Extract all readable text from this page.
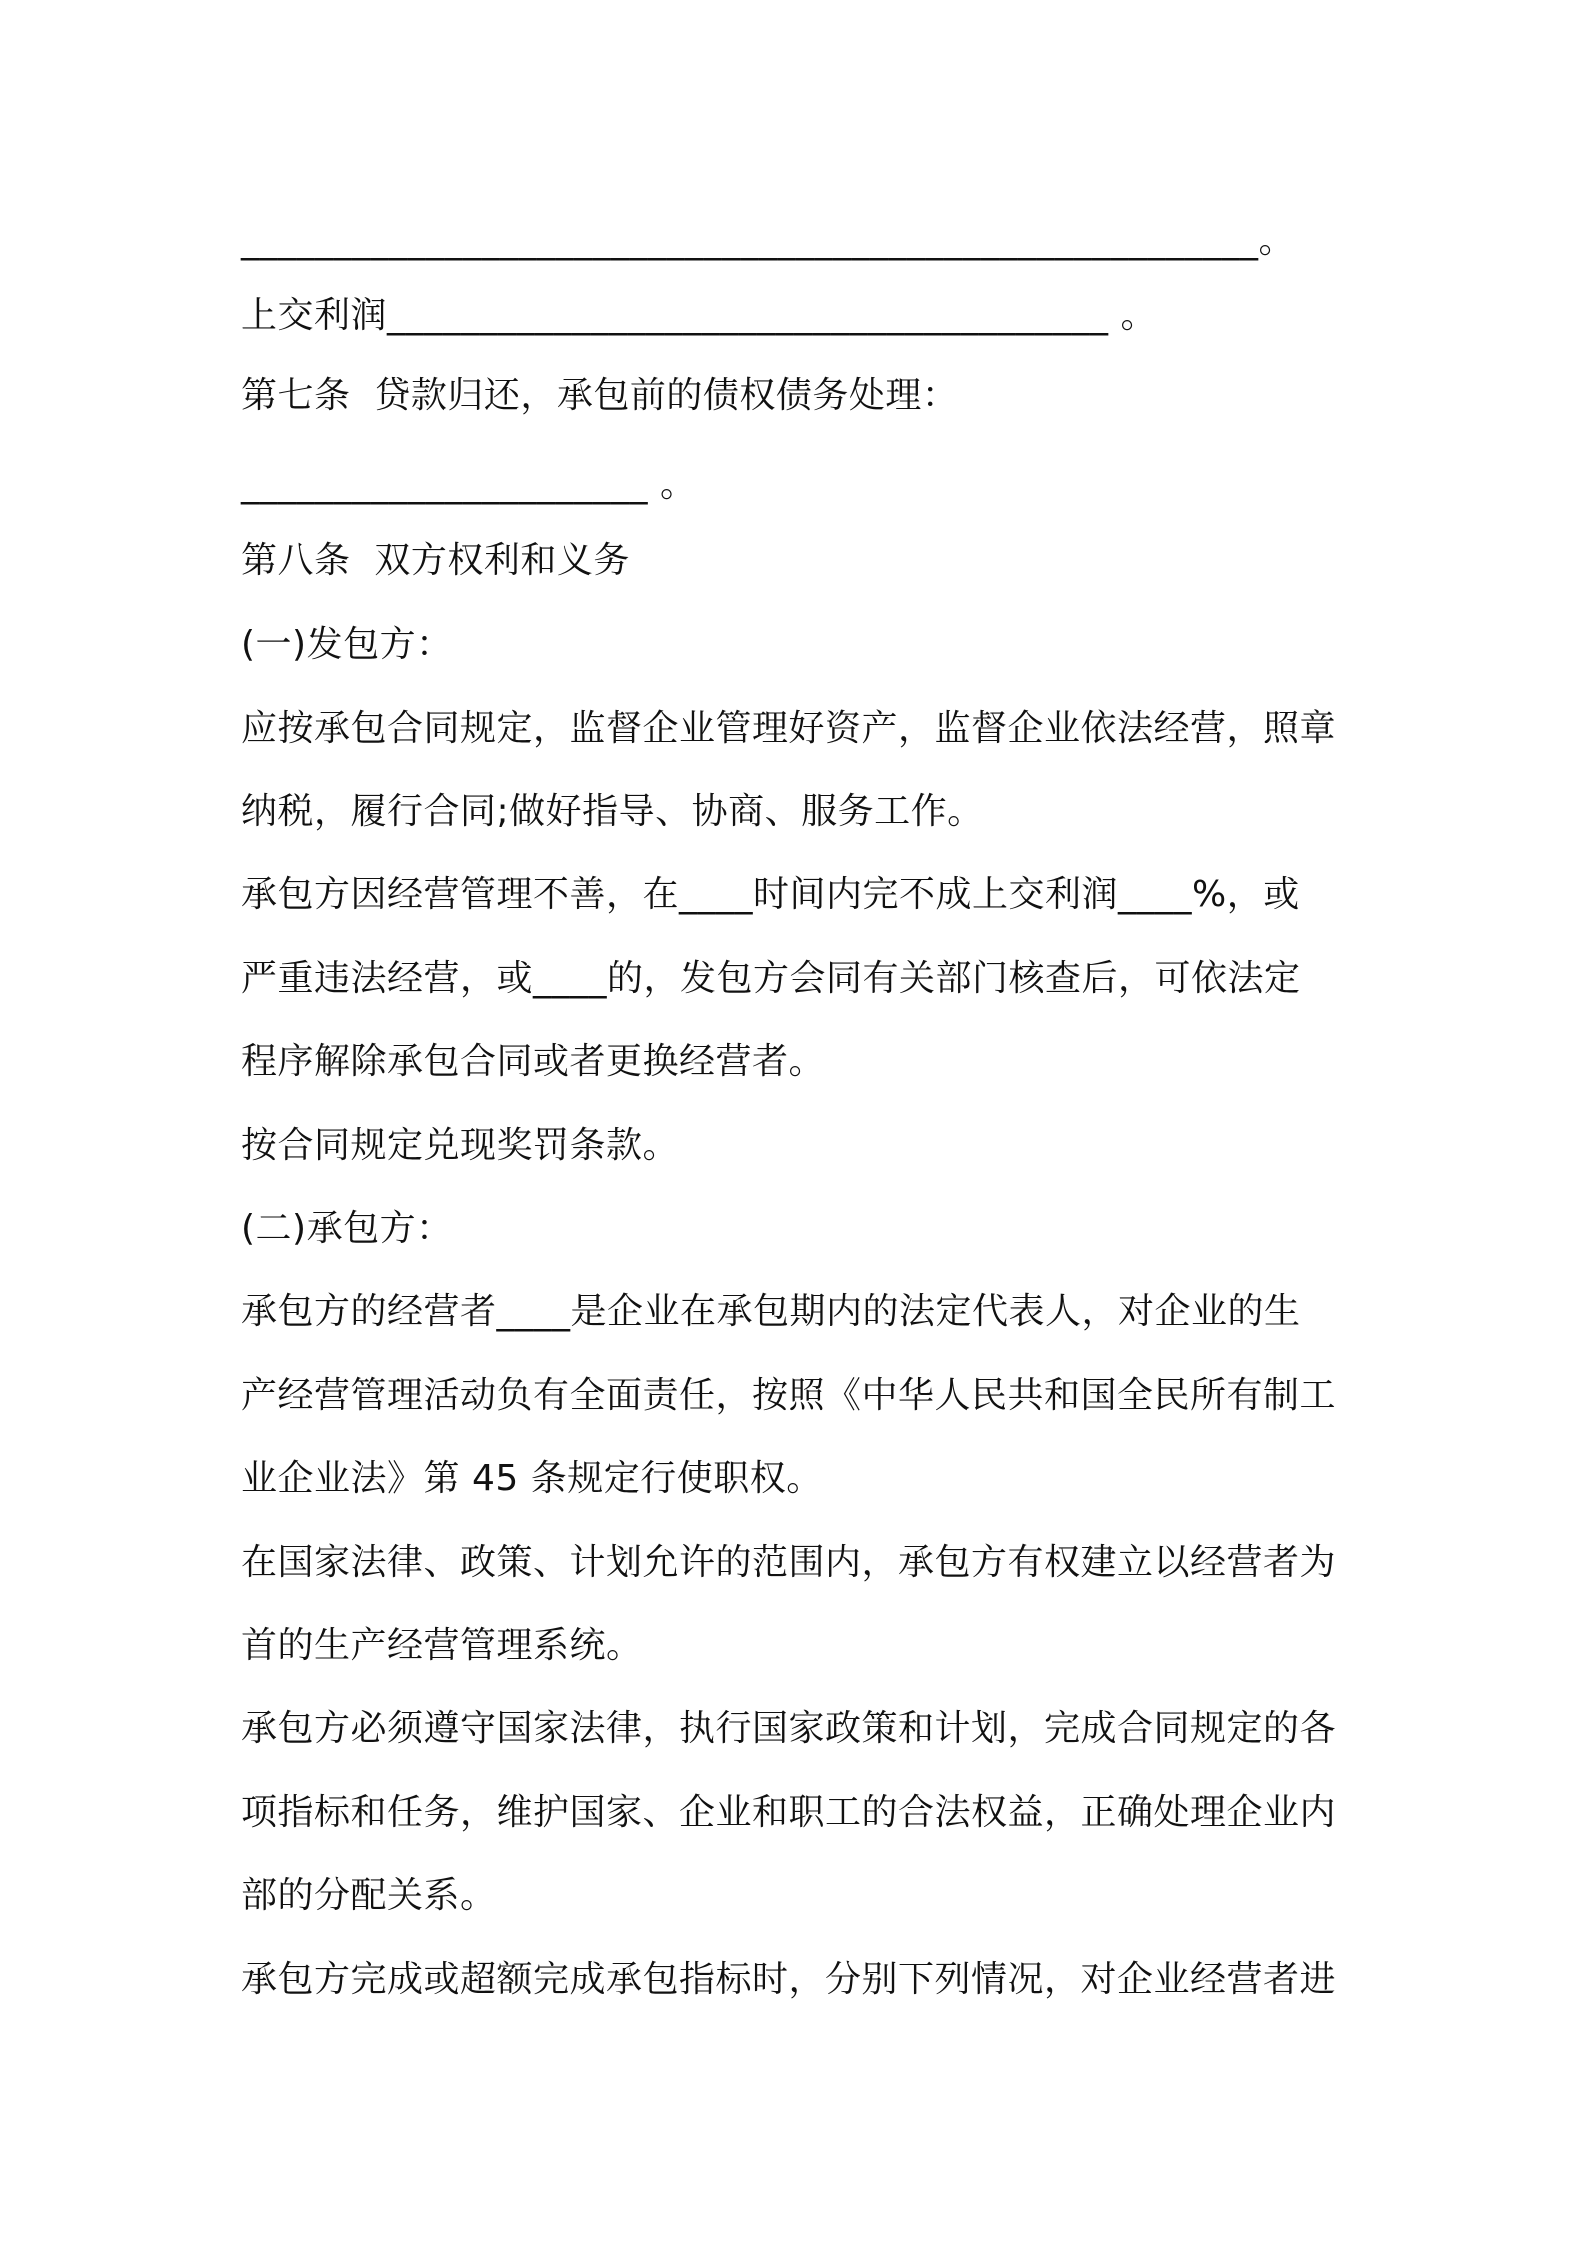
_______________________________________________________。
上交利润_______________________________________ 。
第七条  贷款归还，承包前的债权债务处理：
______________________ 。
第八条  双方权利和义务
(一)发包方：
应按承包合同规定，监督企业管理好资产，监督企业依法经营，照章
纳税，履行合同;做好指导、协商、服务工作。
承包方因经营管理不善，在____时间内完不成上交利润____%，或
严重违法经营，或____的，发包方会同有关部门核查后，可依法定
程序解除承包合同或者更换经营者。
按合同规定兑现奖罚条款。
(二)承包方：
承包方的经营者____是企业在承包期内的法定代表人，对企业的生
产经营管理活动负有全面责任，按照《中华人民共和国全民所有制工
业企业法》第 45 条规定行使职权。
在国家法律、政策、计划允许的范围内，承包方有权建立以经营者为
首的生产经营管理系统。
承包方必须遵守国家法律，执行国家政策和计划，完成合同规定的各
项指标和任务，维护国家、企业和职工的合法权益，正确处理企业内
部的分配关系。
承包方完成或超额完成承包指标时，分别下列情况，对企业经营者进
